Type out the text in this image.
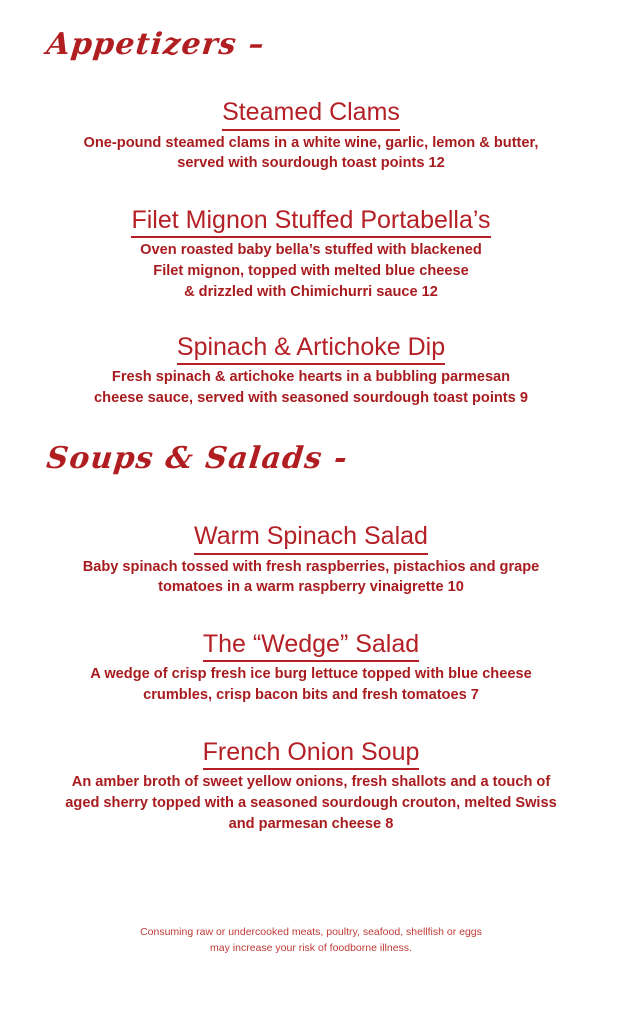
Appetizers –
Steamed Clams
One-pound steamed clams in a white wine, garlic, lemon & butter,
served with sourdough toast points 12
Filet Mignon Stuffed Portabella’s
Oven roasted baby bella’s stuffed with blackened
Filet mignon, topped with melted blue cheese
& drizzled with Chimichurri sauce 12
Spinach & Artichoke Dip
Fresh spinach & artichoke hearts in a bubbling parmesan
cheese sauce, served with seasoned sourdough toast points 9
Soups & Salads -
Warm Spinach Salad
Baby spinach tossed with fresh raspberries, pistachios and grape
tomatoes in a warm raspberry vinaigrette 10
The “Wedge” Salad
A wedge of crisp fresh ice burg lettuce topped with blue cheese
crumbles, crisp bacon bits and fresh tomatoes 7
French Onion Soup
An amber broth of sweet yellow onions, fresh shallots and a touch of
aged sherry topped with a seasoned sourdough crouton, melted Swiss
and parmesan cheese 8
Consuming raw or undercooked meats, poultry, seafood, shellfish or eggs
may increase your risk of foodborne illness.
